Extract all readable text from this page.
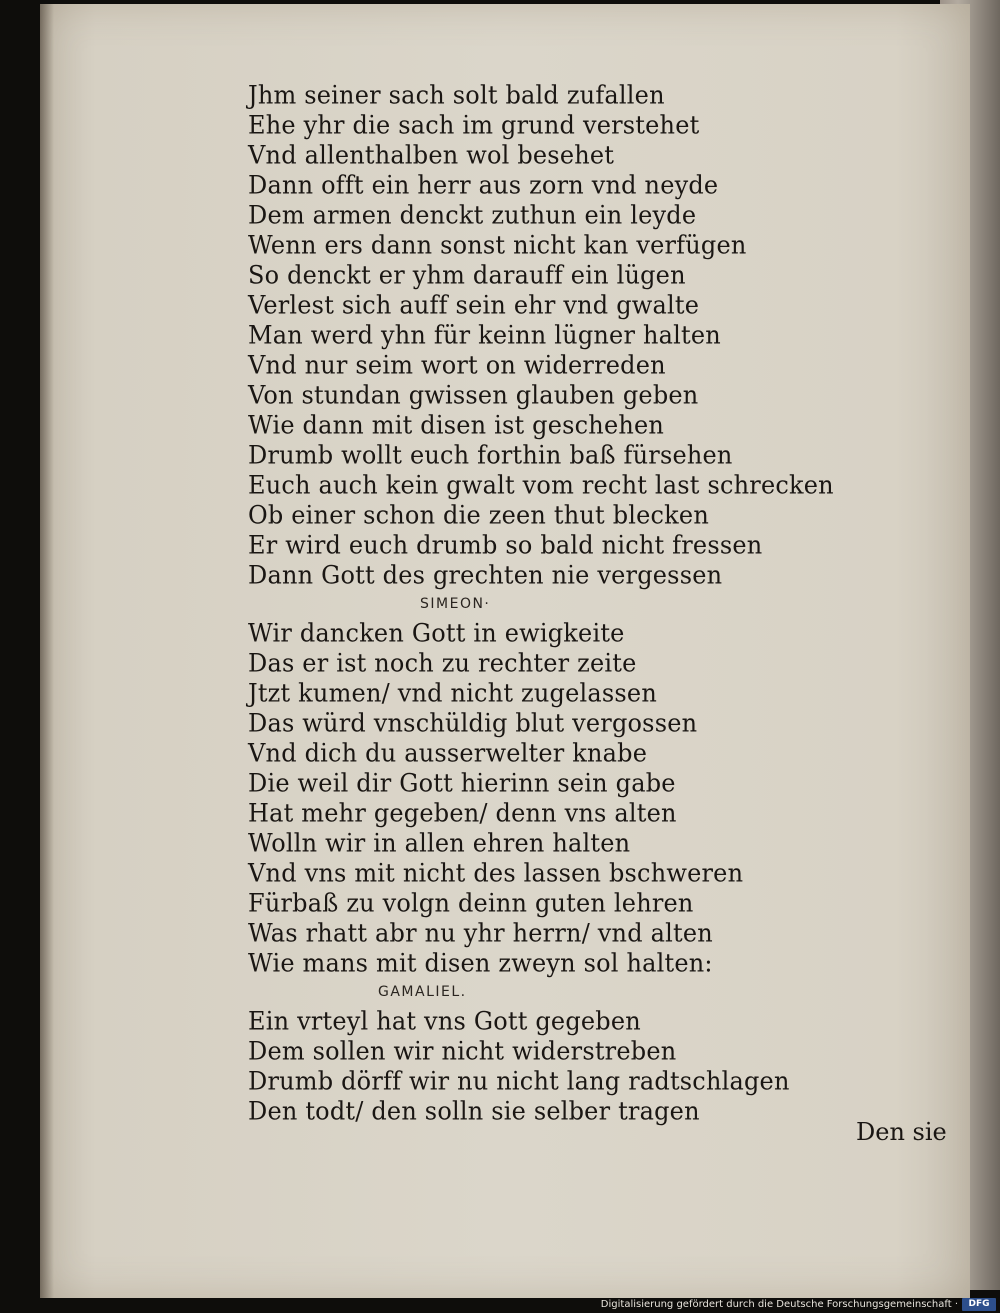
Jhm seiner sach solt bald zufallen
Ehe yhr die sach im grund verstehet
Vnd allenthalben wol besehet
Dann offt ein herr aus zorn vnd neyde
Dem armen denckt zuthun ein leyde
Wenn ers dann sonst nicht kan verfügen
So denckt er yhm darauff ein lügen
Verlest sich auff sein ehr vnd gwalte
Man werd yhn für keinn lügner halten
Vnd nur seim wort on widerreden
Von stundan gwissen glauben geben
Wie dann mit disen ist geschehen
Drumb wollt euch forthin baß fürsehen
Euch auch kein gwalt vom recht last schrecken
Ob einer schon die zeen thut blecken
Er wird euch drumb so bald nicht fressen
Dann Gott des grechten nie vergessen
SIMEON·
Wir dancken Gott in ewigkeite
Das er ist noch zu rechter zeite
Jtzt kumen/ vnd nicht zugelassen
Das würd vnschüldig blut vergossen
Vnd dich du ausserwelter knabe
Die weil dir Gott hierinn sein gabe
Hat mehr gegeben/ denn vns alten
Wolln wir in allen ehren halten
Vnd vns mit nicht des lassen bschweren
Fürbaß zu volgn deinn guten lehren
Was rhatt abr nu yhr herrn/ vnd alten
Wie mans mit disen zweyn sol halten:
GAMALIEL.
Ein vrteyl hat vns Gott gegeben
Dem sollen wir nicht widerstreben
Drumb dörff wir nu nicht lang radtschlagen
Den todt/ den solln sie selber tragen
Den sie
Digitalisierung gefördert durch die Deutsche Forschungsgemeinschaft ·	DFG
